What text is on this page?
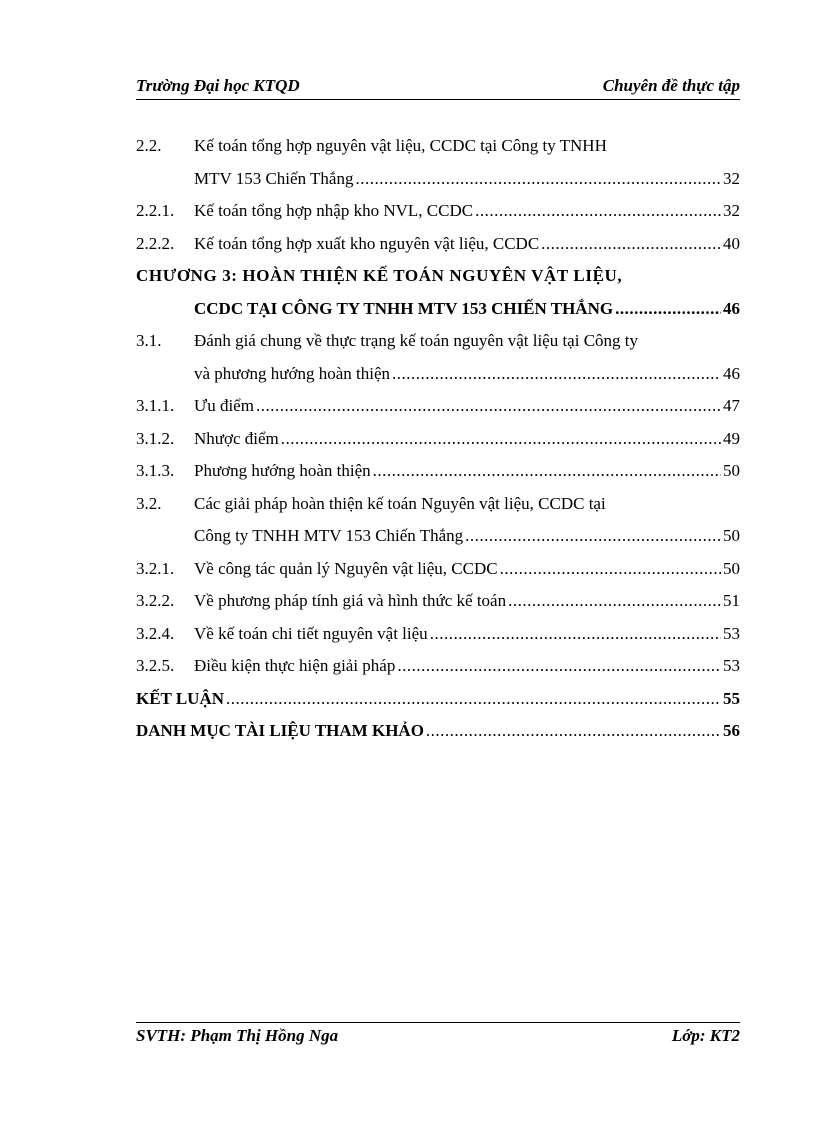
Trường Đại học KTQD	Chuyên đề thực tập
2.2.	Kế toán tổng hợp nguyên vật liệu, CCDC tại Công ty TNHH
MTV 153 Chiến Thắng .....	32
2.2.1.	Kế toán tổng hợp nhập kho NVL, CCDC .....	32
2.2.2.	Kế toán tổng hợp xuất kho nguyên vật liệu, CCDC .....	40
CHƯƠNG 3: HOÀN THIỆN KẾ TOÁN NGUYÊN VẬT LIỆU,
CCDC TẠI CÔNG TY TNHH MTV 153 CHIẾN THẮNG .....	46
3.1.	Đánh giá chung về thực trạng kế toán nguyên vật liệu tại Công ty
và phương hướng hoàn thiện .....	46
3.1.1.	Ưu điểm .....	47
3.1.2.	Nhược điểm .....	49
3.1.3.	Phương hướng hoàn thiện .....	50
3.2.	Các giải pháp hoàn thiện kế toán Nguyên vật liệu, CCDC tại
Công ty TNHH MTV 153 Chiến Thắng .....	50
3.2.1.	Về công tác quản lý Nguyên vật liệu, CCDC .....	50
3.2.2.	Về phương pháp tính giá và hình thức kế toán .....	51
3.2.4.	Về kế toán chi tiết nguyên vật liệu .....	53
3.2.5.	Điều kiện thực hiện giải pháp .....	53
KẾT LUẬN .....	55
DANH MỤC TÀI LIỆU THAM KHẢO .....	56
SVTH: Phạm Thị Hồng Nga	Lớp: KT2
